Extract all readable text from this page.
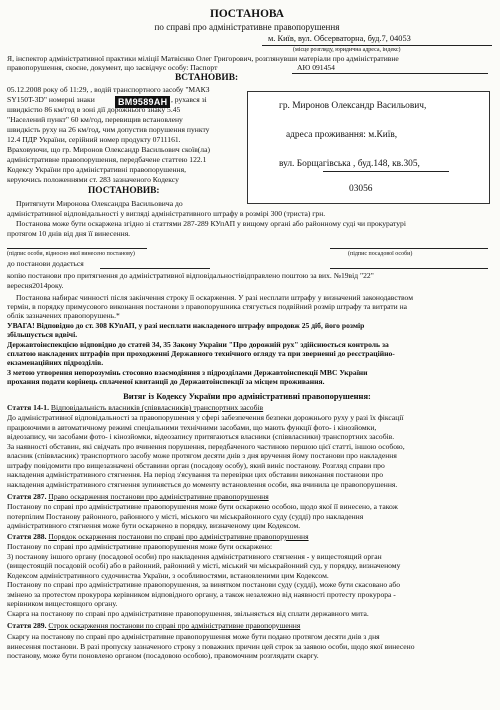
ПОСТАНОВА
по справі про адміністративне правопорушення
м. Київ, вул. Обсерваторна, буд.7, 04053
(місце розгляду, юридична адреса, індекс)
Я, інспектор адміністративної практики міліції Матвієнко Олег Григорович, розглянувши матеріали про адміністративне
правопорушення, скоєне, документ, що засвідчує особу: Паспорт	АЮ 091454
ВСТАНОВИВ:
05.12.2008 року об 11:29, , водій транспортного засобу "МАКЗ
SY150T-3D" номерні знаки	ВМ9589АН , рухався зі
швидкістю 86 км/год в зоні дії дорожнього знаку 5.45
"Населений пункт" 60 км/год, перевищив встановлену
швидкість руху на 26 км/год, чим допустив порушення пункту
12.4 ПДР України, серійний номер продукту 0711161.
Враховуючи, що гр. Миронов Олександр Васильович скоїв(ла)
адміністративне правопорушення, передбачене статтею 122.1
Кодексу України про адміністративні правопорушення,
керуючись положеннями ст. 283 зазначеного Кодексу
гр. Миронов Олександр Васильович,
адреса проживання: м.Київ,
вул. Борщагівська , буд.148, кв.305,
03056
ПОСТАНОВИВ:
Притягнути Миронова Олександра Васильовича до
адміністративної відповідальності у вигляді адміністративного штрафу в розмірі 300 (триста) грн.
Постанова може бути оскаржена згідно зі статтями 287-289 КУпАП у вищому органі або районному суді чи прокуратурі
протягом 10 днів від дня її винесення.
(підпис особи, відносно якої винесено постанову)	(підпис посадової особи)
до постанови додається
копію постанови про притягнення до адміністративної відповідальностівідправлено поштою за вих. №19від "22"
вересня2014року.
Постанова набирає чинності після закінчення строку її оскарження. У разі несплати штрафу у визначений законодавством
термін, в порядку примусового виконання постанови з правопорушника стягується подвійний розмір штрафу та витрати на
облік зазначених правопорушень.*
УВАГА! Відповідно до ст. 308 КУпАП, у разі несплати накладеного штрафу впродовж 25 діб, його розмір
збільшується вдвічі.
Державтоінспекцією відповідно до статей 34, 35 Закону України "Про дорожній рух" здійснюється контроль за
сплатою накладених штрафів при проходженні Державного технічного огляду та при зверненні до реєстраційно-
екзаменаційних підрозділів.
З метою утворення непорозумінь стосовно взаємодіяння з підрозділами Державтоінспекції МВС України
прохання подати корінець сплаченої квитанції до Державтоінспекції за місцем проживання.
Витяг із Кодексу України про адміністративні правопорушення:
Стаття 14-1. Відповідальність власників (співвласників) транспортних засобів
До адміністративної відповідальності за правопорушення у сфері забезпечення безпеки дорожнього руху у разі їх фіксації
працюючими в автоматичному режимі спеціальними технічними засобами, що мають функції фото- і кінозйомки,
відеозапису, чи засобами фото- і кінозйомки, відеозапису притягаються власники (співвласники) транспортних засобів.
За наявності обставин, які свідчать про вчинення порушення, передбаченого частиною першою цієї статті, іншою особою,
власник (співвласник) транспортного засобу може протягом десяти днів з дня вручення йому постанови про накладення
штрафу повідомити про вищезазначені обставини орган (посадову особу), який виніс постанову. Розгляд справи про
накладення адміністративного стягнення. На період з'ясування та перевірки цих обставин виконання постанови про
накладення адміністративного стягнення зупиняється до моменту встановлення особи, яка вчинила це правопорушення.
Стаття 287. Право оскарження постанови про адміністративне правопорушення
Постанову по справі про адміністративне правопорушення може бути оскаржено особою, щодо якої її винесено, а також
потерпілим Постанову районного, районного у місті, міського чи міськрайонного суду (судді) про накладення
адміністративного стягнення може бути оскаржено в порядку, визначеному цим Кодексом.
Стаття 288. Порядок оскарження постанови по справі про адміністративне правопорушення
Постанову по справі про адміністративне правопорушення може бути оскаржено:
3) постанову іншого органу (посадової особи) про накладення адміністративного стягнення - у вищестоящий орган
(вищестоящій посадовій особі) або в районний, районний у місті, міський чи міськрайонний суд, у порядку, визначеному
Кодексом адміністративного судочинства України, з особливостями, встановленими цим Кодексом.
Постанову по справі про адміністративне правопорушення, за винятком постанови суду (судді), може бути скасовано або
змінено за протестом прокурора керівником відповідного органу, а також незалежно від наявності протесту прокурора -
керівником вищестоящого органу.
Скарга на постанову по справі про адміністративне правопорушення, звільняється від сплати державного мита.
Стаття 289. Строк оскарження постанови по справі про адміністративне правопорушення
Скаргу на постанову по справі про адміністративне правопорушення може бути подано протягом десяти днів з дня
винесення постанови. В разі пропуску зазначеного строку з поважних причин цей строк за заявою особи, щодо якої винесено
постанову, може бути поновлено органом (посадовою особою), правомочним розглядати скаргу.
